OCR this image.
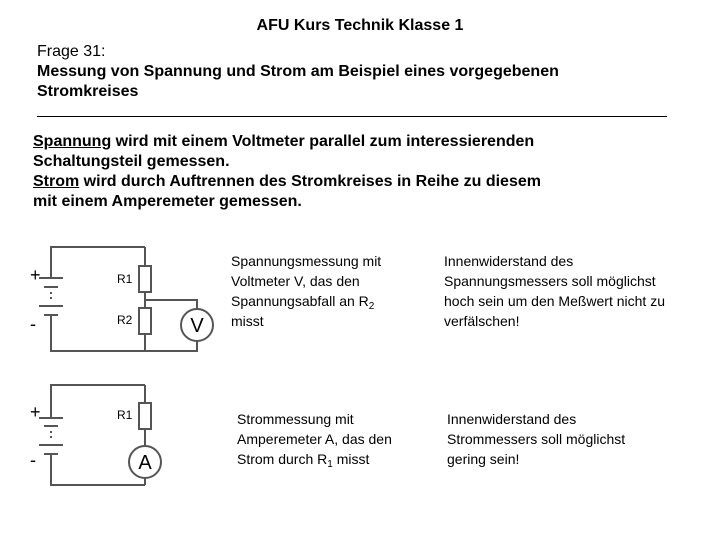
AFU Kurs Technik Klasse 1
Frage 31:
Messung von Spannung und Strom am Beispiel eines vorgegebenen
Stromkreises
Spannung wird mit einem Voltmeter parallel zum interessierenden
Schaltungsteil gemessen.
Strom wird durch Auftrennen des Stromkreises in Reihe zu diesem
mit einem Amperemeter gemessen.
+
-
R1
R2	V
Spannungsmessung mit
Voltmeter V, das den
Spannungsabfall an $R_2$
misst
Innenwiderstand des
Spannungsmessers soll möglichst
hoch sein um den Meßwert nicht zu
verfälschen!
+
-
R1
A
Strommessung mit
Amperemeter A, das den
Strom durch $R_1$ misst
Innenwiderstand des
Strommessers soll möglichst
gering sein!
